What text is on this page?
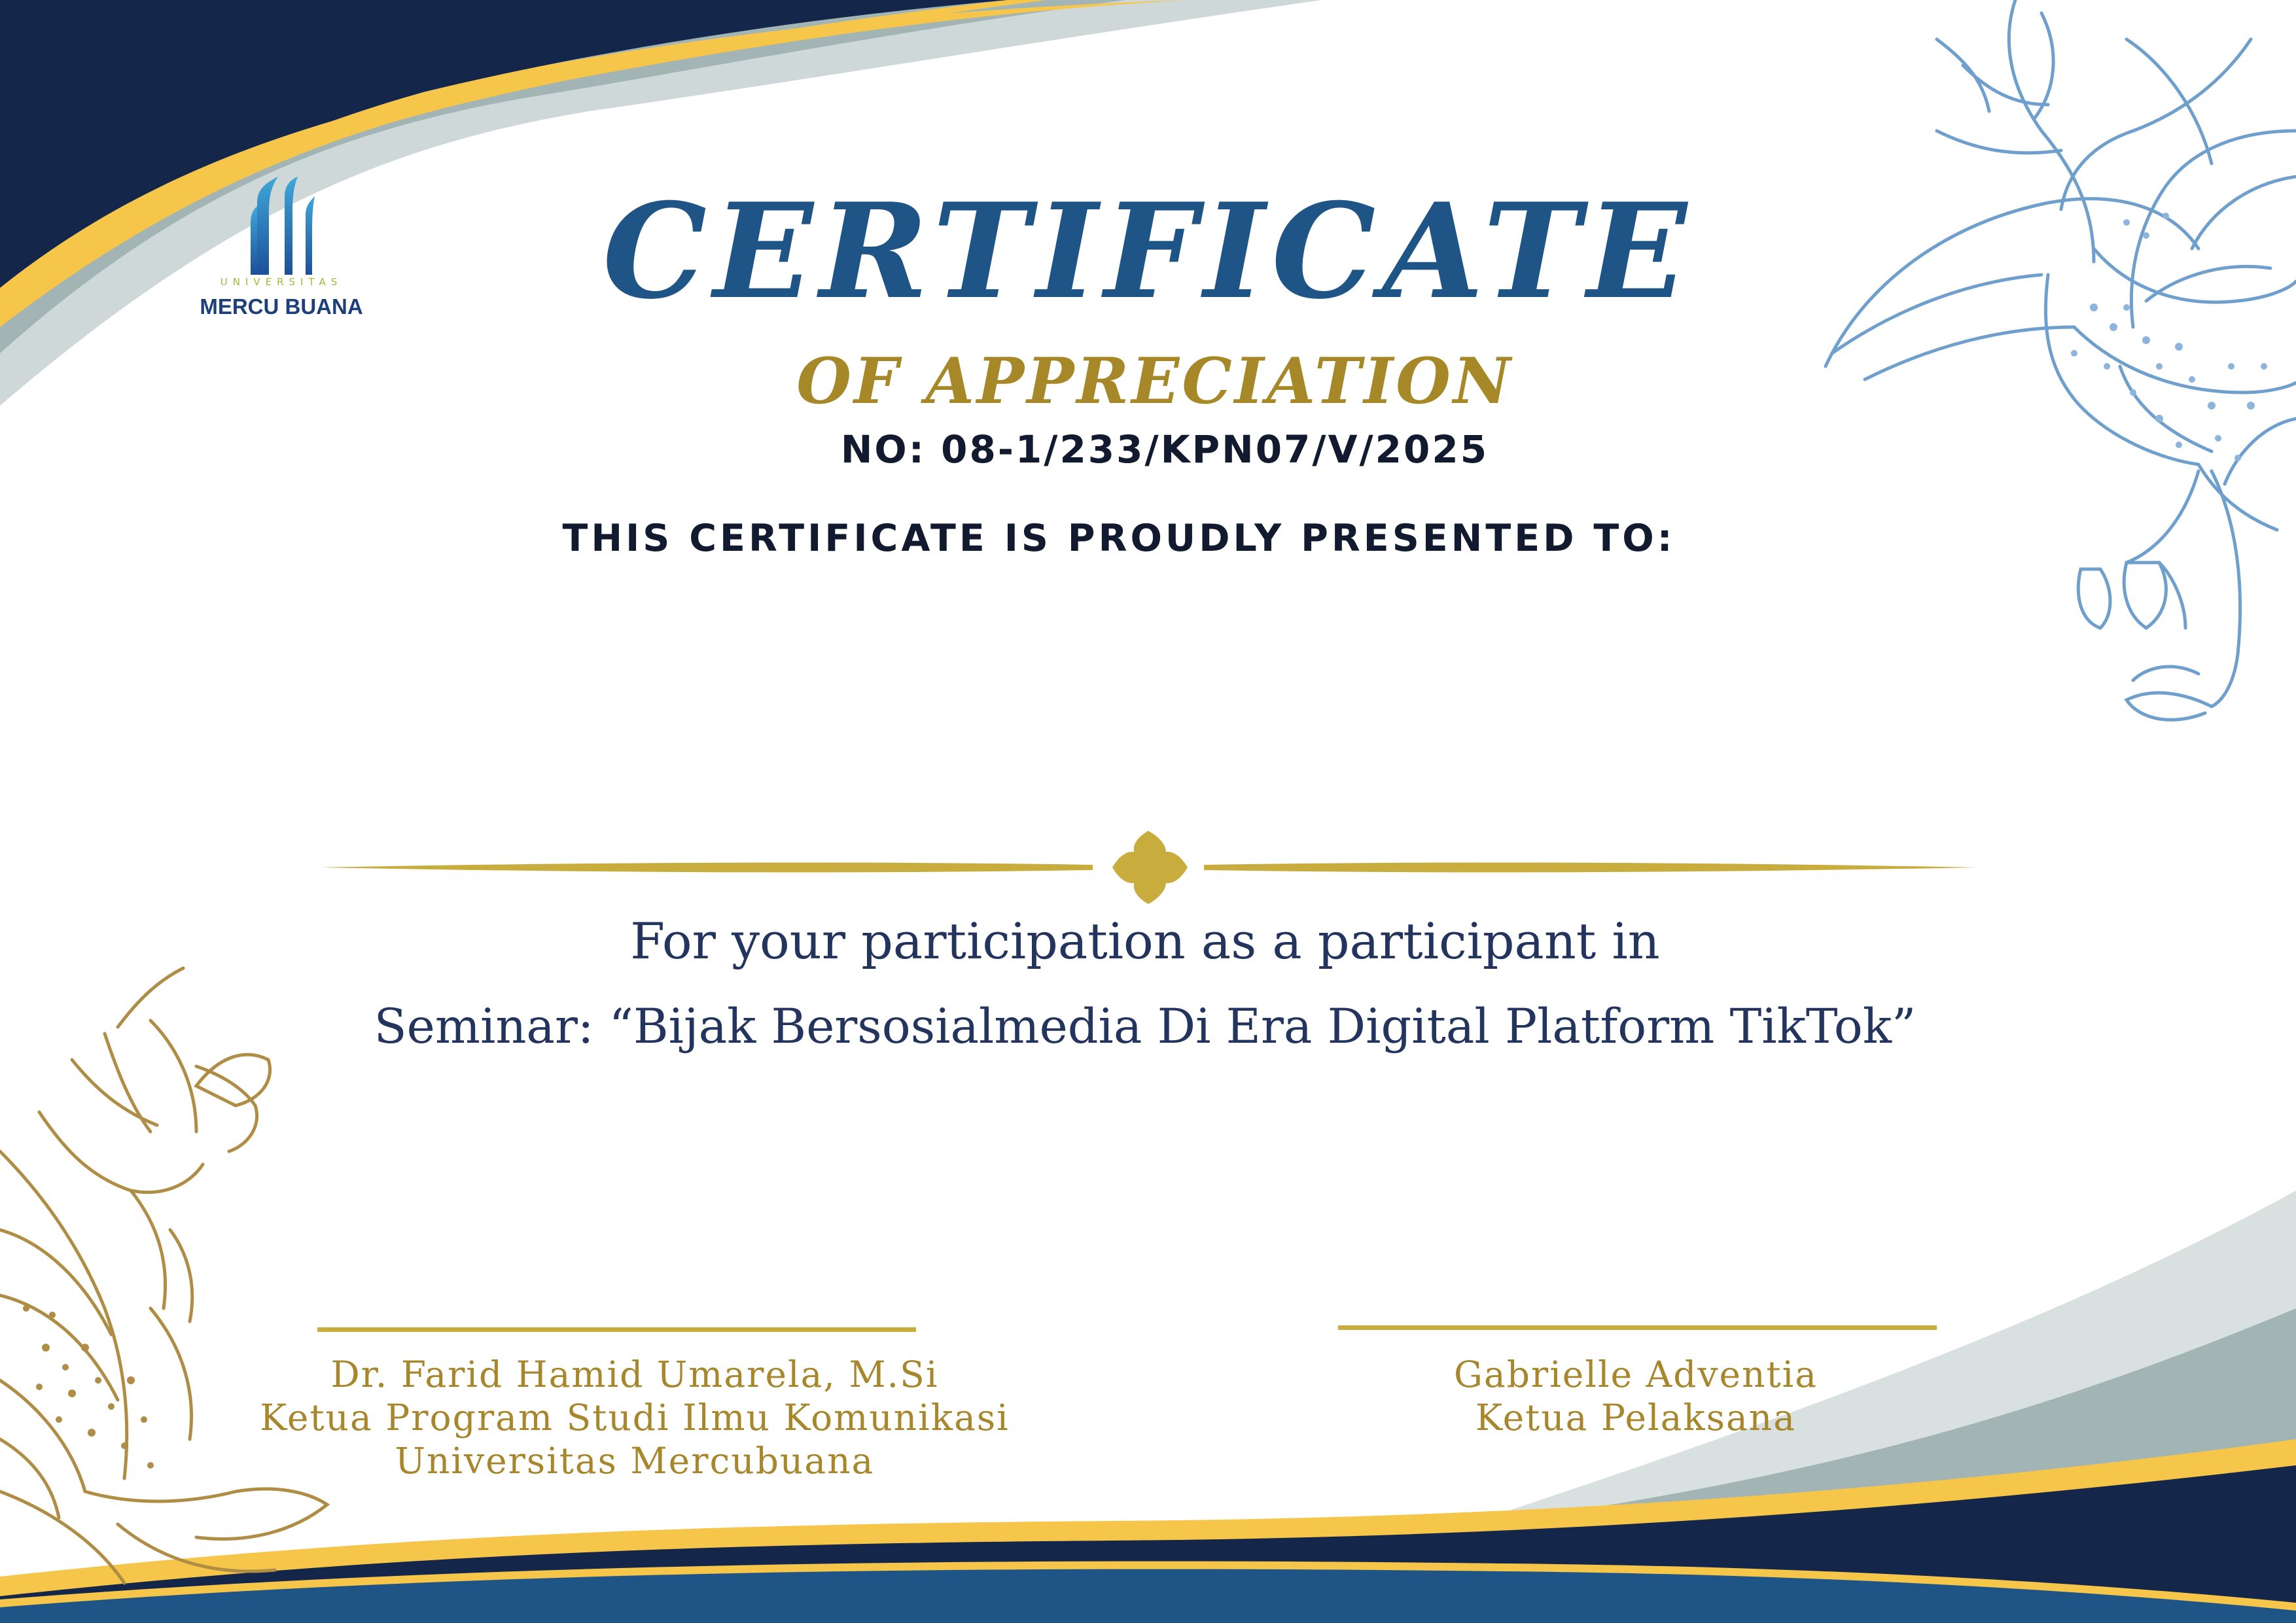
UNIVERSITAS
MERCU BUANA	CERTIFICATE
OF APPRECIATION

NO: 08-1/233/KPN07/V/2025

THIS CERTIFICATE IS PROUDLY PRESENTED TO:

For your participation as a participant in

Seminar: “Bijak Bersosialmedia Di Era Digital Platform TikTok”

Dr. Farid Hamid Umarela, M.Si
Ketua Program Studi Ilmu Komunikasi
Universitas Mercubuana
Gabrielle Adventia
Ketua Pelaksana
